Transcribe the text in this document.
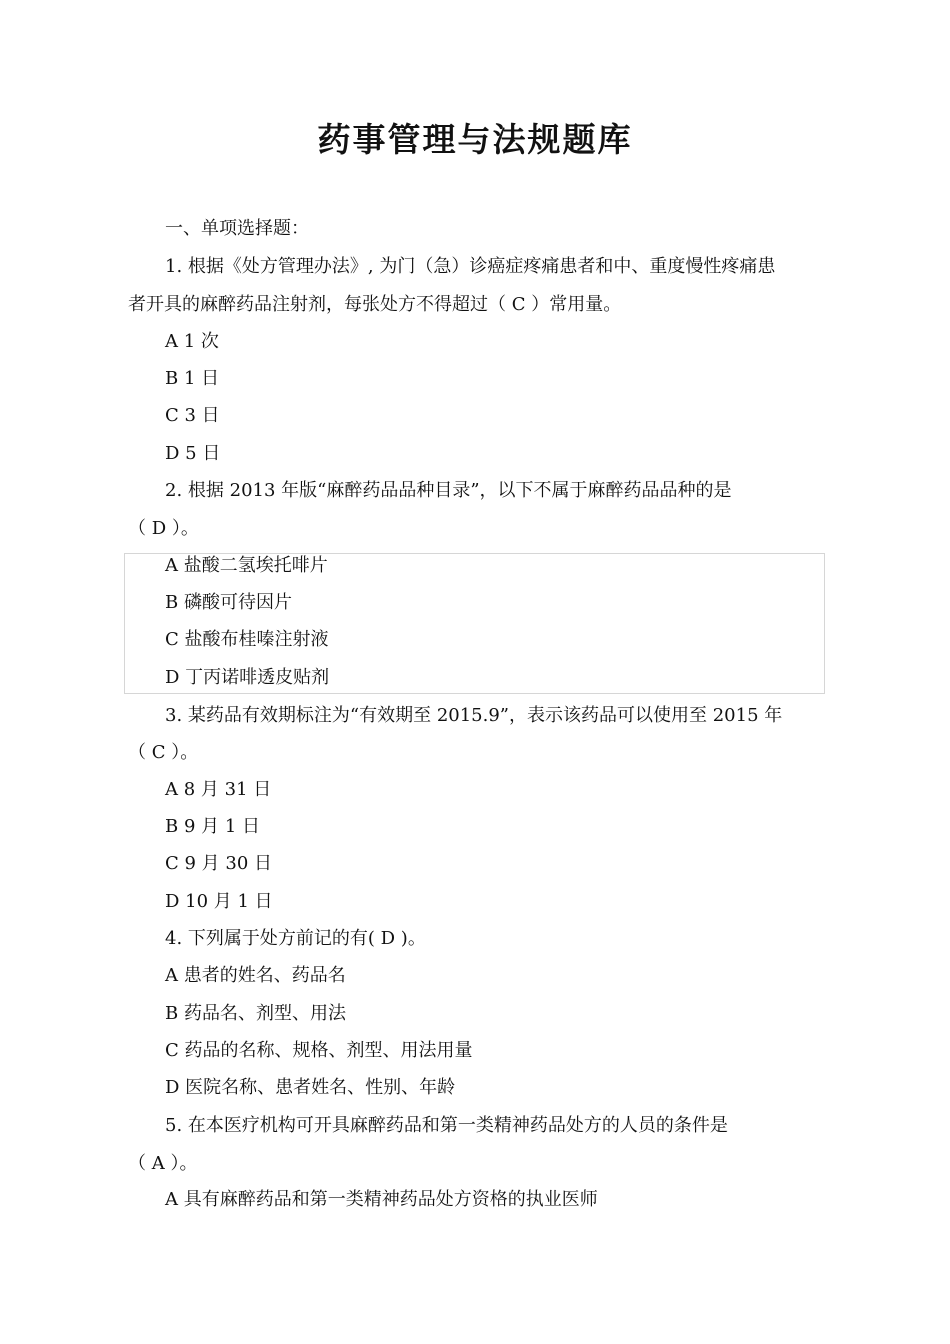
药事管理与法规题库
一、单项选择题：
1. 根据《处方管理办法》, 为门（急）诊癌症疼痛患者和中、重度慢性疼痛患
者开具的麻醉药品注射剂，每张处方不得超过（ C ）常用量。
A 1 次
B 1 日
C 3 日
D 5 日
2. 根据 2013 年版“麻醉药品品种目录”，以下不属于麻醉药品品种的是
（ D ）。
A 盐酸二氢埃托啡片
B 磷酸可待因片
C 盐酸布桂嗪注射液
D 丁丙诺啡透皮贴剂
3. 某药品有效期标注为“有效期至 2015.9”，表示该药品可以使用至 2015 年
（ C ）。
A 8 月 31 日
B 9 月 1 日
C 9 月 30 日
D 10 月 1 日
4. 下列属于处方前记的有( D )。
A 患者的姓名、药品名
B 药品名、剂型、用法
C 药品的名称、规格、剂型、用法用量
D 医院名称、患者姓名、性别、年龄
5. 在本医疗机构可开具麻醉药品和第一类精神药品处方的人员的条件是
（ A ）。
A 具有麻醉药品和第一类精神药品处方资格的执业医师
